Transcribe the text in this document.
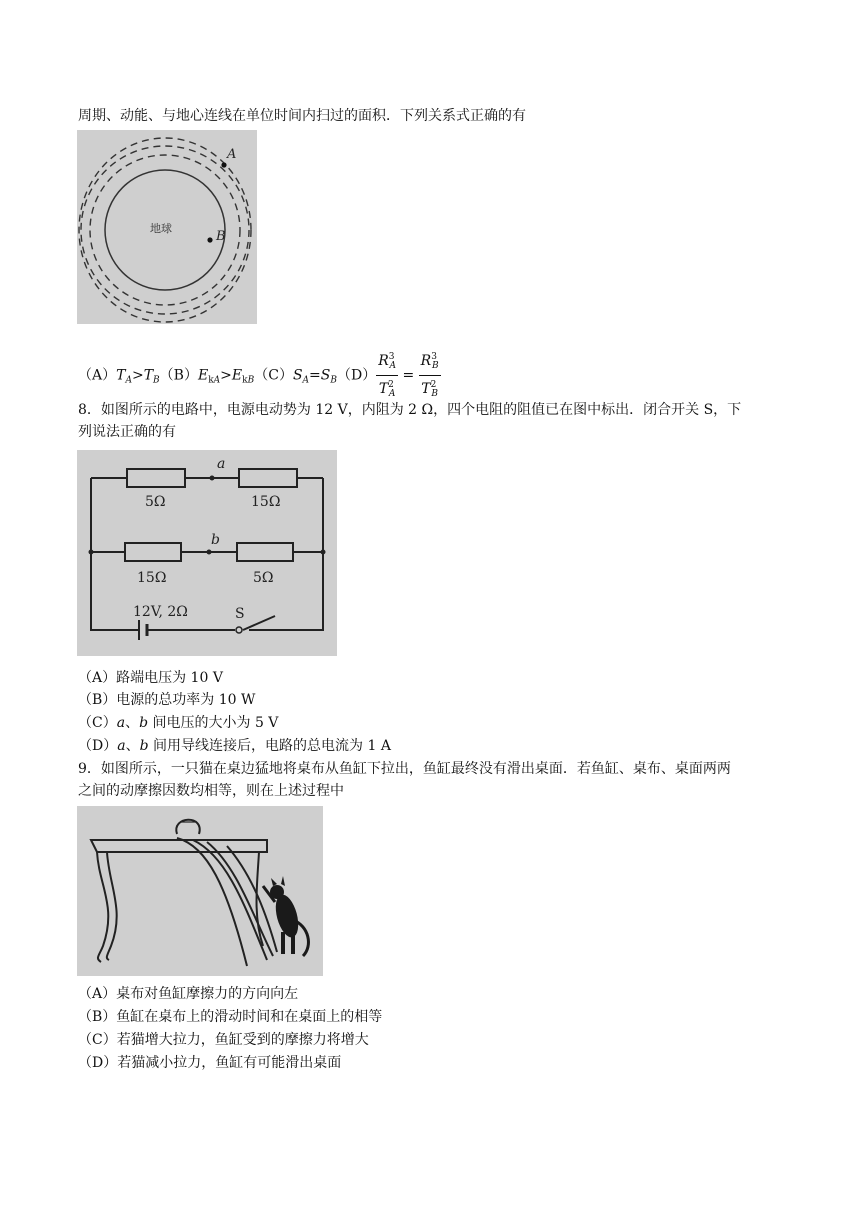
周期、动能、与地心连线在单位时间内扫过的面积．下列关系式正确的有
地球
A
B
$(A)T_A>T_B(B)E_{kA}>E_{kB}(C)S_A=S_B(D) \frac{R^3_A}{T^2_A} = \frac{R^3_B}{T^2_B}$
8．如图所示的电路中，电源电动势为 12 V，内阻为 2 Ω，四个电阻的阻值已在图中标出．闭合开关 S，下
列说法正确的有
5Ω	15Ω
15Ω	5Ω
a
b
12V, 2Ω	S
（A）路端电压为 10 V
（B）电源的总功率为 10 W
（C）a、b 间电压的大小为 5 V
（D）a、b 间用导线连接后，电路的总电流为 1 A
9．如图所示，一只猫在桌边猛地将桌布从鱼缸下拉出，鱼缸最终没有滑出桌面．若鱼缸、桌布、桌面两两
之间的动摩擦因数均相等，则在上述过程中
（A）桌布对鱼缸摩擦力的方向向左
（B）鱼缸在桌布上的滑动时间和在桌面上的相等
（C）若猫增大拉力，鱼缸受到的摩擦力将增大
（D）若猫减小拉力，鱼缸有可能滑出桌面
